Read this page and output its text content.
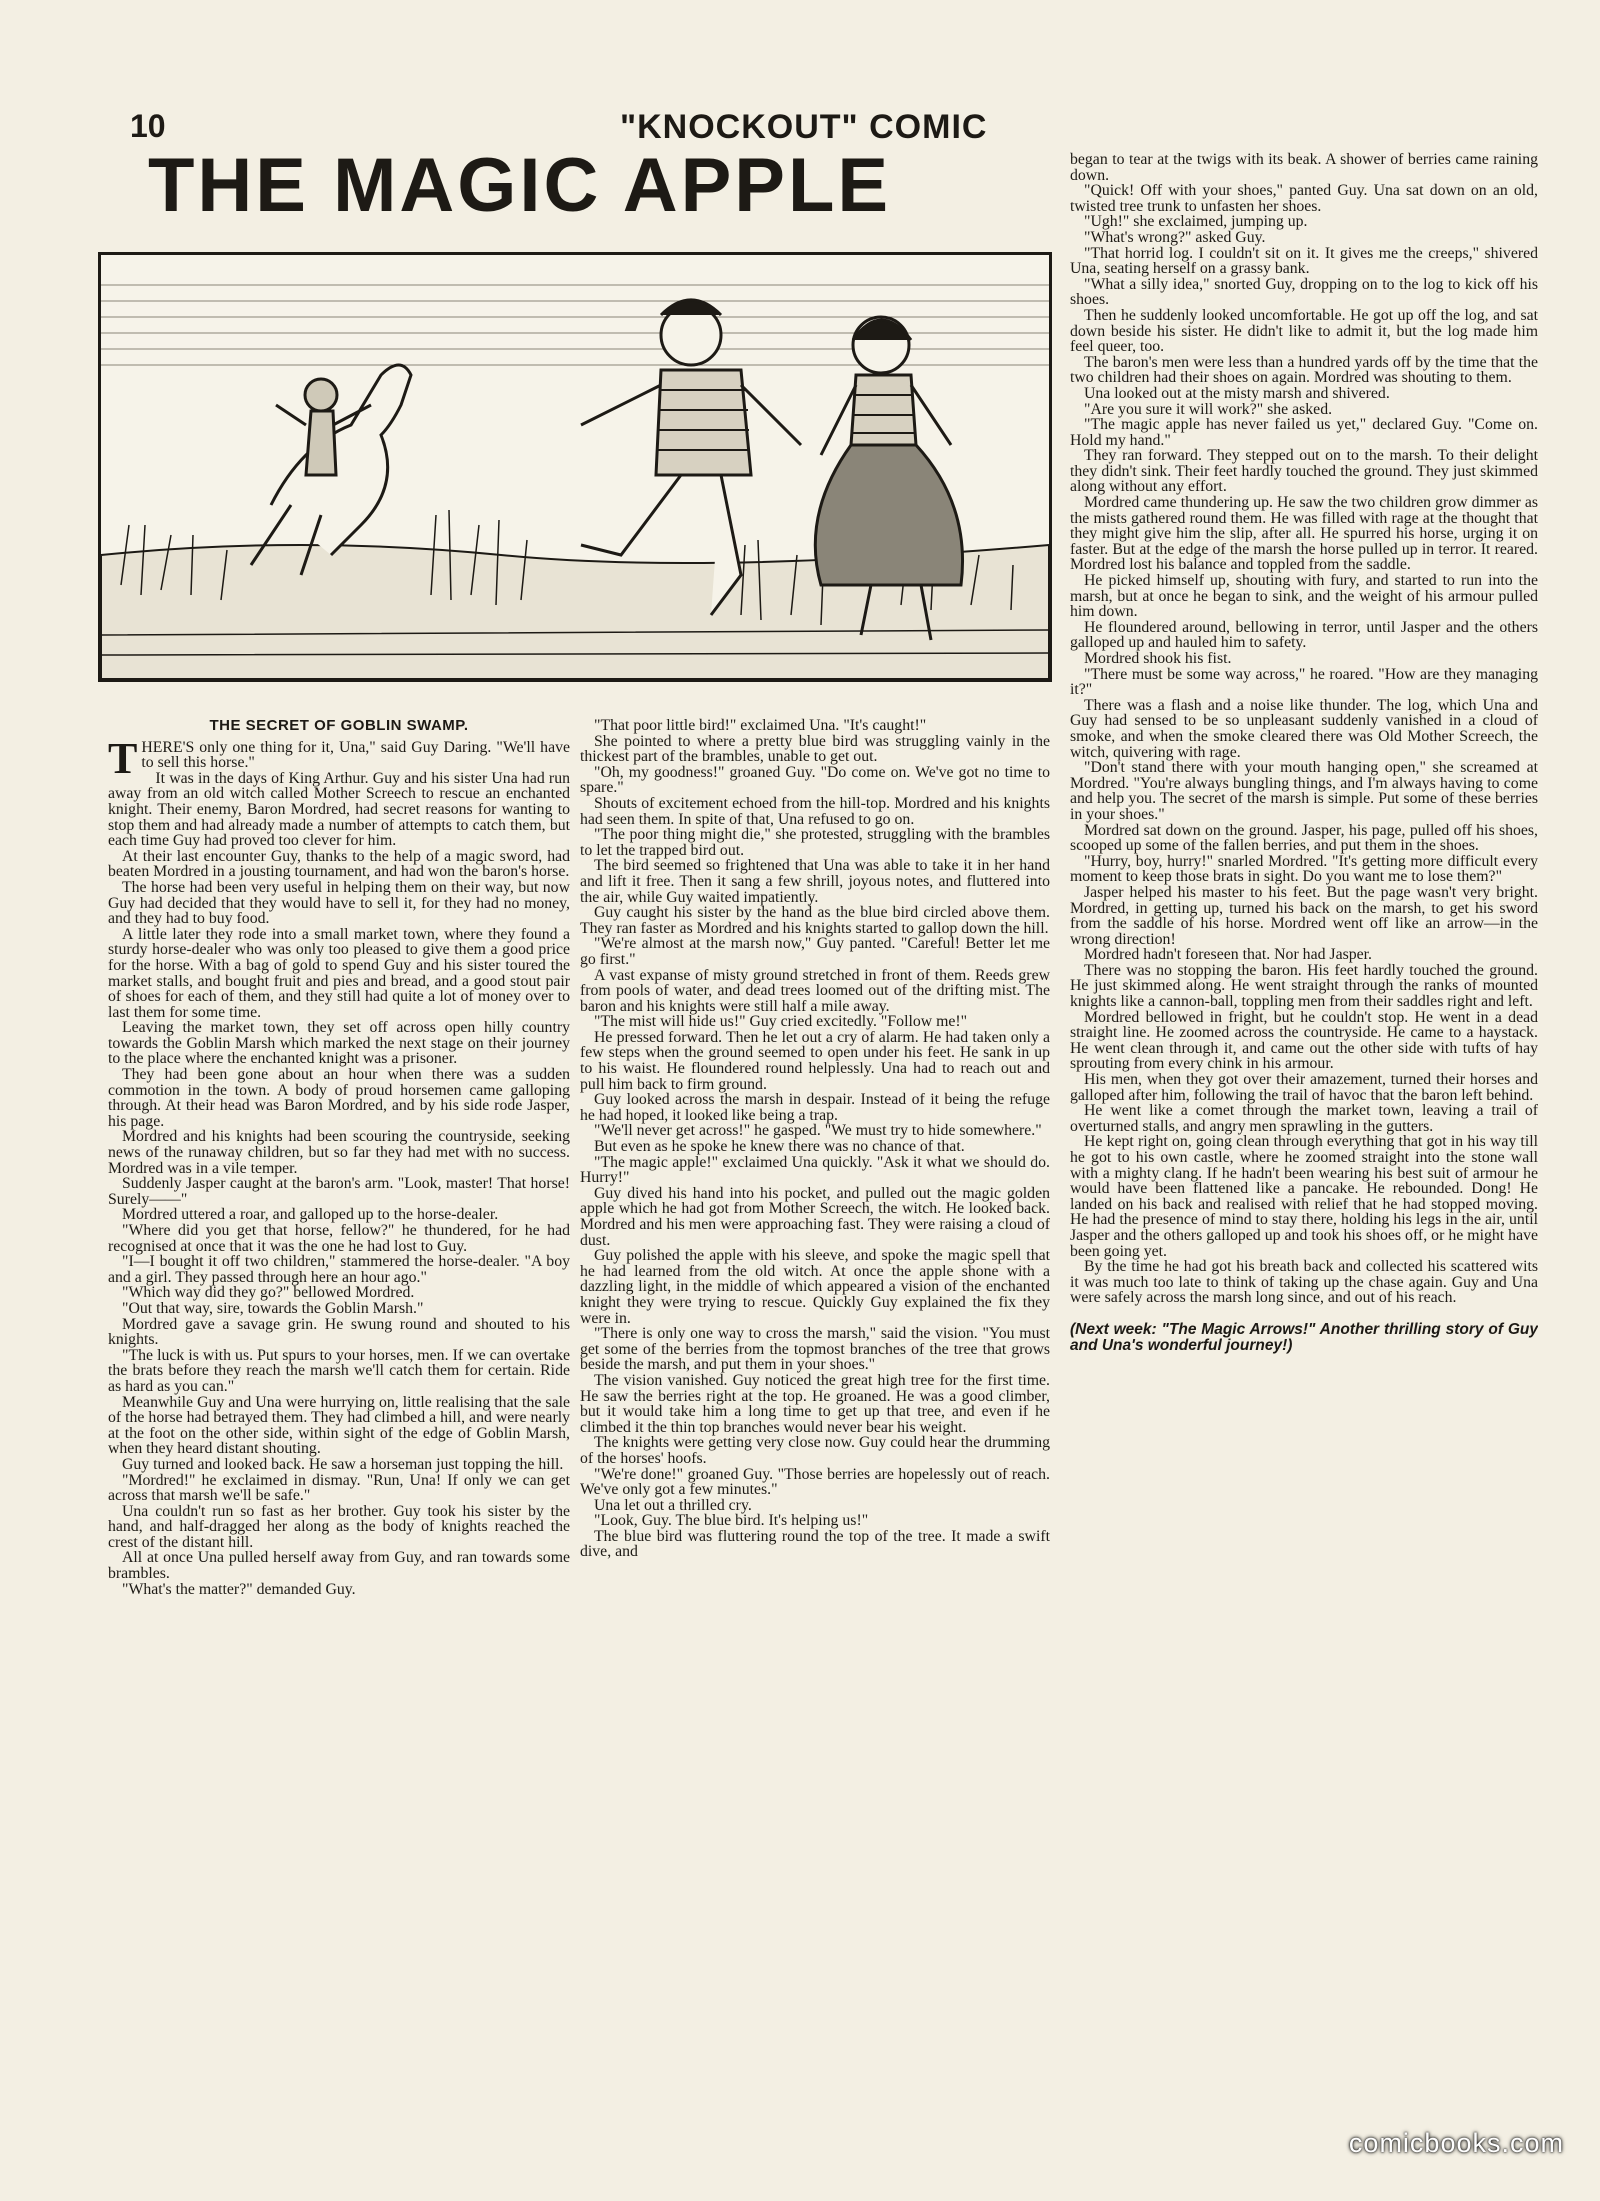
10	"KNOCKOUT" COMIC
THE MAGIC APPLE
THE SECRET OF GOBLIN SWAMP.

THERE'S only one thing for it, Una," said Guy Daring. "We'll have to sell this horse."

It was in the days of King Arthur. Guy and his sister Una had run away from an old witch called Mother Screech to rescue an enchanted knight. Their enemy, Baron Mordred, had secret reasons for wanting to stop them and had already made a number of attempts to catch them, but each time Guy had proved too clever for him.

At their last encounter Guy, thanks to the help of a magic sword, had beaten Mordred in a jousting tournament, and had won the baron's horse.

The horse had been very useful in helping them on their way, but now Guy had decided that they would have to sell it, for they had no money, and they had to buy food.

A little later they rode into a small market town, where they found a sturdy horse-dealer who was only too pleased to give them a good price for the horse. With a bag of gold to spend Guy and his sister toured the market stalls, and bought fruit and pies and bread, and a good stout pair of shoes for each of them, and they still had quite a lot of money over to last them for some time.

Leaving the market town, they set off across open hilly country towards the Goblin Marsh which marked the next stage on their journey to the place where the enchanted knight was a prisoner.

They had been gone about an hour when there was a sudden commotion in the town. A body of proud horsemen came galloping through. At their head was Baron Mordred, and by his side rode Jasper, his page.

Mordred and his knights had been scouring the countryside, seeking news of the runaway children, but so far they had met with no success. Mordred was in a vile temper.

Suddenly Jasper caught at the baron's arm. "Look, master! That horse! Surely——"

Mordred uttered a roar, and galloped up to the horse-dealer.

"Where did you get that horse, fellow?" he thundered, for he had recognised at once that it was the one he had lost to Guy.

"I—I bought it off two children," stammered the horse-dealer. "A boy and a girl. They passed through here an hour ago."

"Which way did they go?" bellowed Mordred.

"Out that way, sire, towards the Goblin Marsh."

Mordred gave a savage grin. He swung round and shouted to his knights.

"The luck is with us. Put spurs to your horses, men. If we can overtake the brats before they reach the marsh we'll catch them for certain. Ride as hard as you can."

Meanwhile Guy and Una were hurrying on, little realising that the sale of the horse had betrayed them. They had climbed a hill, and were nearly at the foot on the other side, within sight of the edge of Goblin Marsh, when they heard distant shouting.

Guy turned and looked back. He saw a horseman just topping the hill.

"Mordred!" he exclaimed in dismay. "Run, Una! If only we can get across that marsh we'll be safe."

Una couldn't run so fast as her brother. Guy took his sister by the hand, and half-dragged her along as the body of knights reached the crest of the distant hill.

All at once Una pulled herself away from Guy, and ran towards some brambles.

"What's the matter?" demanded Guy.

"That poor little bird!" exclaimed Una. "It's caught!"

She pointed to where a pretty blue bird was struggling vainly in the thickest part of the brambles, unable to get out.

"Oh, my goodness!" groaned Guy. "Do come on. We've got no time to spare."

Shouts of excitement echoed from the hill-top. Mordred and his knights had seen them. In spite of that, Una refused to go on.

"The poor thing might die," she protested, struggling with the brambles to let the trapped bird out.

The bird seemed so frightened that Una was able to take it in her hand and lift it free. Then it sang a few shrill, joyous notes, and fluttered into the air, while Guy waited impatiently.

Guy caught his sister by the hand as the blue bird circled above them. They ran faster as Mordred and his knights started to gallop down the hill.

"We're almost at the marsh now," Guy panted. "Careful! Better let me go first."

A vast expanse of misty ground stretched in front of them. Reeds grew from pools of water, and dead trees loomed out of the drifting mist. The baron and his knights were still half a mile away.

"The mist will hide us!" Guy cried excitedly. "Follow me!"

He pressed forward. Then he let out a cry of alarm. He had taken only a few steps when the ground seemed to open under his feet. He sank in up to his waist. He floundered round helplessly. Una had to reach out and pull him back to firm ground.

Guy looked across the marsh in despair. Instead of it being the refuge he had hoped, it looked like being a trap.

"We'll never get across!" he gasped. "We must try to hide somewhere."

But even as he spoke he knew there was no chance of that.

"The magic apple!" exclaimed Una quickly. "Ask it what we should do. Hurry!"

Guy dived his hand into his pocket, and pulled out the magic golden apple which he had got from Mother Screech, the witch. He looked back. Mordred and his men were approaching fast. They were raising a cloud of dust.

Guy polished the apple with his sleeve, and spoke the magic spell that he had learned from the old witch. At once the apple shone with a dazzling light, in the middle of which appeared a vision of the enchanted knight they were trying to rescue. Quickly Guy explained the fix they were in.

"There is only one way to cross the marsh," said the vision. "You must get some of the berries from the topmost branches of the tree that grows beside the marsh, and put them in your shoes."

The vision vanished. Guy noticed the great high tree for the first time. He saw the berries right at the top. He groaned. He was a good climber, but it would take him a long time to get up that tree, and even if he climbed it the thin top branches would never bear his weight.

The knights were getting very close now. Guy could hear the drumming of the horses' hoofs.

"We're done!" groaned Guy. "Those berries are hopelessly out of reach. We've only got a few minutes."

Una let out a thrilled cry.

"Look, Guy. The blue bird. It's helping us!"

The blue bird was fluttering round the top of the tree. It made a swift dive, and

began to tear at the twigs with its beak. A shower of berries came raining down.

"Quick! Off with your shoes," panted Guy. Una sat down on an old, twisted tree trunk to unfasten her shoes.

"Ugh!" she exclaimed, jumping up.

"What's wrong?" asked Guy.

"That horrid log. I couldn't sit on it. It gives me the creeps," shivered Una, seating herself on a grassy bank.

"What a silly idea," snorted Guy, dropping on to the log to kick off his shoes.

Then he suddenly looked uncomfortable. He got up off the log, and sat down beside his sister. He didn't like to admit it, but the log made him feel queer, too.

The baron's men were less than a hundred yards off by the time that the two children had their shoes on again. Mordred was shouting to them.

Una looked out at the misty marsh and shivered.

"Are you sure it will work?" she asked.

"The magic apple has never failed us yet," declared Guy. "Come on. Hold my hand."

They ran forward. They stepped out on to the marsh. To their delight they didn't sink. Their feet hardly touched the ground. They just skimmed along without any effort.

Mordred came thundering up. He saw the two children grow dimmer as the mists gathered round them. He was filled with rage at the thought that they might give him the slip, after all. He spurred his horse, urging it on faster. But at the edge of the marsh the horse pulled up in terror. It reared. Mordred lost his balance and toppled from the saddle.

He picked himself up, shouting with fury, and started to run into the marsh, but at once he began to sink, and the weight of his armour pulled him down.

He floundered around, bellowing in terror, until Jasper and the others galloped up and hauled him to safety.

Mordred shook his fist.

"There must be some way across," he roared. "How are they managing it?"

There was a flash and a noise like thunder. The log, which Una and Guy had sensed to be so unpleasant suddenly vanished in a cloud of smoke, and when the smoke cleared there was Old Mother Screech, the witch, quivering with rage.

"Don't stand there with your mouth hanging open," she screamed at Mordred. "You're always bungling things, and I'm always having to come and help you. The secret of the marsh is simple. Put some of these berries in your shoes."

Mordred sat down on the ground. Jasper, his page, pulled off his shoes, scooped up some of the fallen berries, and put them in the shoes.

"Hurry, boy, hurry!" snarled Mordred. "It's getting more difficult every moment to keep those brats in sight. Do you want me to lose them?"

Jasper helped his master to his feet. But the page wasn't very bright. Mordred, in getting up, turned his back on the marsh, to get his sword from the saddle of his horse. Mordred went off like an arrow—in the wrong direction!

Mordred hadn't foreseen that. Nor had Jasper.

There was no stopping the baron. His feet hardly touched the ground. He just skimmed along. He went straight through the ranks of mounted knights like a cannon-ball, toppling men from their saddles right and left.

Mordred bellowed in fright, but he couldn't stop. He went in a dead straight line. He zoomed across the countryside. He came to a haystack. He went clean through it, and came out the other side with tufts of hay sprouting from every chink in his armour.

His men, when they got over their amazement, turned their horses and galloped after him, following the trail of havoc that the baron left behind.

He went like a comet through the market town, leaving a trail of overturned stalls, and angry men sprawling in the gutters.

He kept right on, going clean through everything that got in his way till he got to his own castle, where he zoomed straight into the stone wall with a mighty clang. If he hadn't been wearing his best suit of armour he would have been flattened like a pancake. He rebounded. Dong! He landed on his back and realised with relief that he had stopped moving. He had the presence of mind to stay there, holding his legs in the air, until Jasper and the others galloped up and took his shoes off, or he might have been going yet.

By the time he had got his breath back and collected his scattered wits it was much too late to think of taking up the chase again. Guy and Una were safely across the marsh long since, and out of his reach.

(Next week: "The Magic Arrows!" Another thrilling story of Guy and Una's wonderful journey!)

comicbooks.com
